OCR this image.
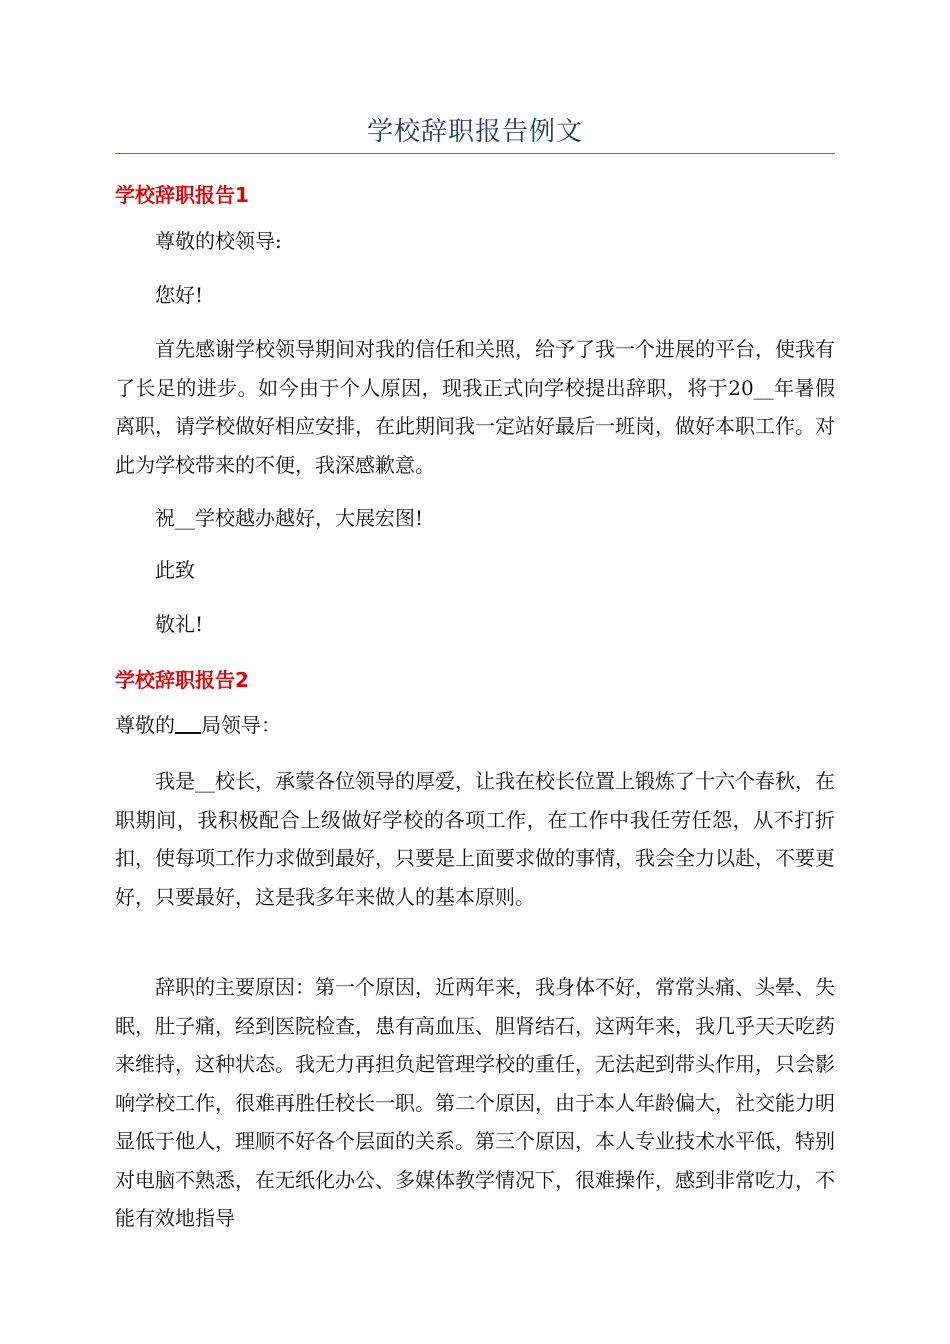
学校辞职报告例文
学校辞职报告1

尊敬的校领导:

您好!

首先感谢学校领导期间对我的信任和关照，给予了我一个进展的平台，使我有了长足的进步。如今由于个人原因，现我正式向学校提出辞职，将于20__年暑假离职，请学校做好相应安排，在此期间我一定站好最后一班岗，做好本职工作。对此为学校带来的不便，我深感歉意。

祝__学校越办越好，大展宏图!

此致

敬礼!

学校辞职报告2

尊敬的 局领导：

我是__校长，承蒙各位领导的厚爱，让我在校长位置上锻炼了十六个春秋，在职期间，我积极配合上级做好学校的各项工作，在工作中我任劳任怨，从不打折扣，使每项工作力求做到最好，只要是上面要求做的事情，我会全力以赴，不要更好，只要最好，这是我多年来做人的基本原则。

辞职的主要原因：第一个原因，近两年来，我身体不好，常常头痛、头晕、失眠，肚子痛，经到医院检查，患有高血压、胆肾结石，这两年来，我几乎天天吃药来维持，这种状态。我无力再担负起管理学校的重任，无法起到带头作用，只会影响学校工作，很难再胜任校长一职。第二个原因，由于本人年龄偏大，社交能力明显低于他人，理顺不好各个层面的关系。第三个原因，本人专业技术水平低，特别对电脑不熟悉，在无纸化办公、多媒体教学情况下，很难操作，感到非常吃力，不能有效地指导
